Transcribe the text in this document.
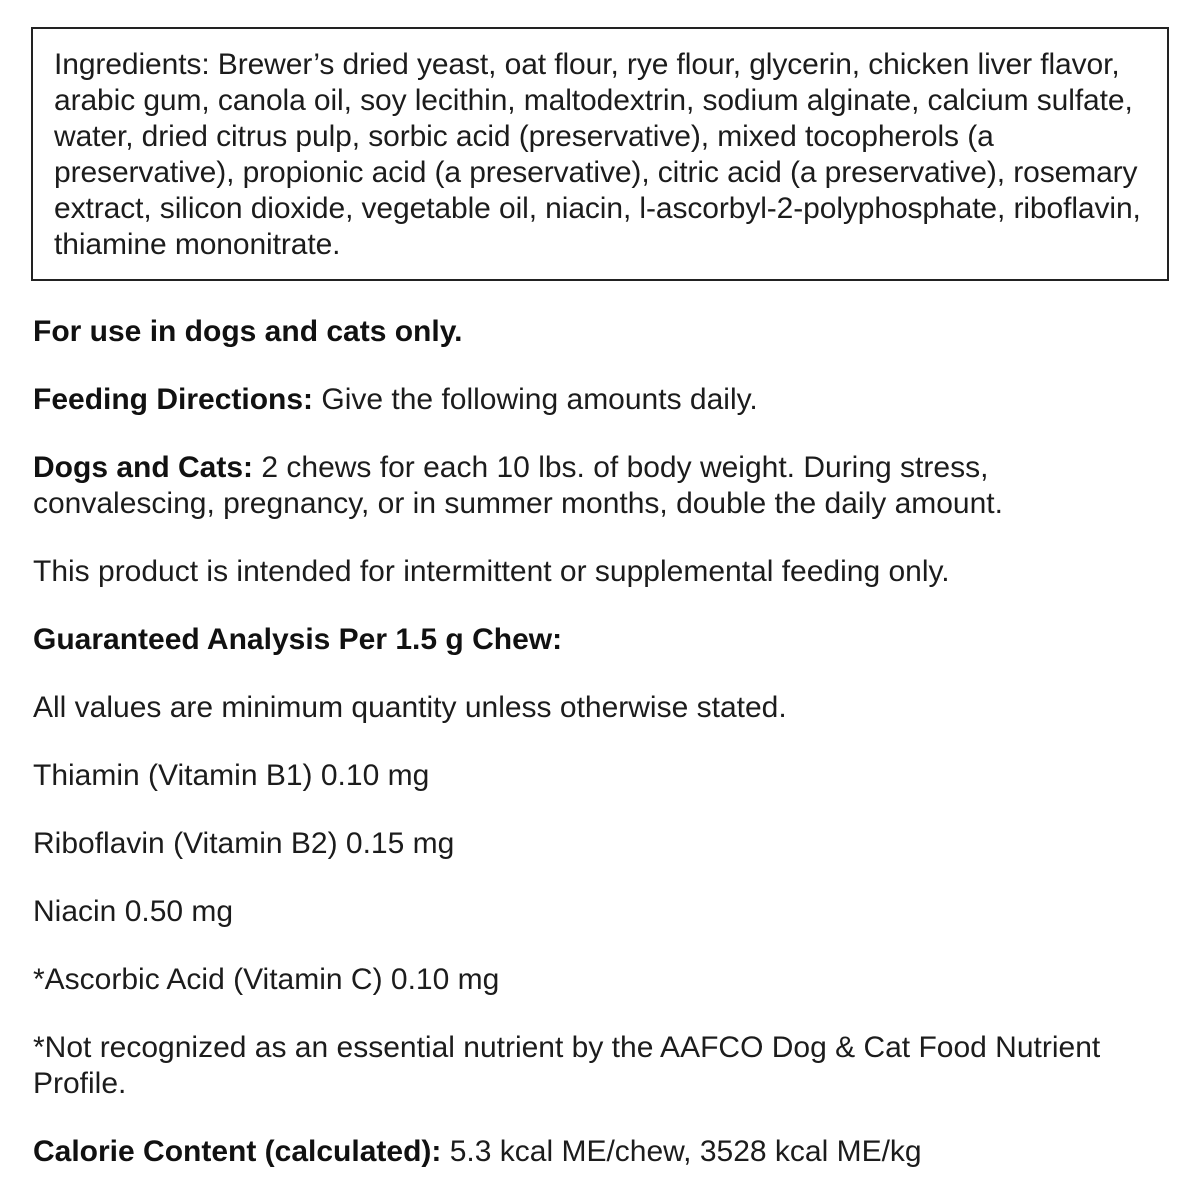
Ingredients: Brewer’s dried yeast, oat flour, rye flour, glycerin, chicken liver flavor, arabic gum, canola oil, soy lecithin, maltodextrin, sodium alginate, calcium sulfate, water, dried citrus pulp, sorbic acid (preservative), mixed tocopherols (a preservative), propionic acid (a preservative), citric acid (a preservative), rosemary extract, silicon dioxide, vegetable oil, niacin, l-ascorbyl-2-polyphosphate, riboflavin, thiamine mononitrate.

For use in dogs and cats only.

Feeding Directions: Give the following amounts daily.

Dogs and Cats: 2 chews for each 10 lbs. of body weight. During stress,

convalescing, pregnancy, or in summer months, double the daily amount.

This product is intended for intermittent or supplemental feeding only.

Guaranteed Analysis Per 1.5 g Chew:

All values are minimum quantity unless otherwise stated.

Thiamin (Vitamin B1) 0.10 mg

Riboflavin (Vitamin B2) 0.15 mg

Niacin 0.50 mg

*Ascorbic Acid (Vitamin C) 0.10 mg

*Not recognized as an essential nutrient by the AAFCO Dog & Cat Food Nutrient

Profile.

Calorie Content (calculated): 5.3 kcal ME/chew, 3528 kcal ME/kg
